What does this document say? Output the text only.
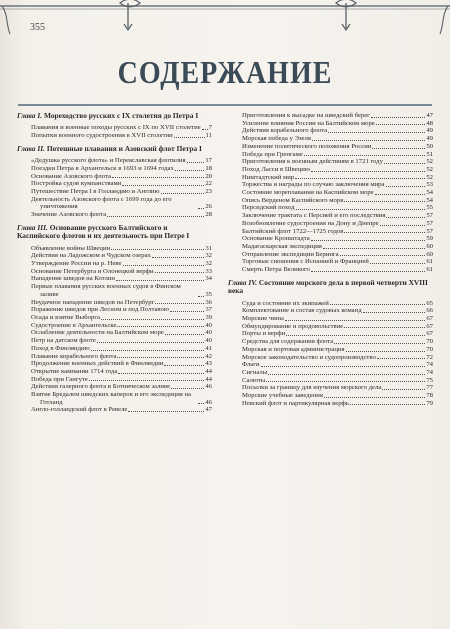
355
СОДЕРЖАНИЕ
Глава I. Мореходство русских с IX столетия до Петра I
Плавания и военные походы русских с IX по XVII столетие 7
Попытки военного судостроения в XVII столетии	11
Глава II. Потешные плавания и Азовский флот Петра I
«Дедушка русского флота» и Переяславская флотилия	17
Поездки Петра в Архангельск в 1693 и 1694 годах	18
Основание Азовского флота	20
Постройка судов кумпанствами	22
Путешествие Петра I в Голландию и Англию	23
Деятельность Азовского флота с 1699 года до его уничтожения	26
Значение Азовского флота	28
Глава III. Основание русского Балтийского и Каспийского флотов и их деятельность при Петре I
Объявление войны Швеции	31
Действия на Ладожском и Чудском озерах	32
Утверждение России на р. Неве	32
Основание Петербурга и Олонецкой верфи	33
Нападение шведов на Котлин	34
Первые плавания русских военных судов в Финском заливе	35
Неудачное нападение шведов на Петербург	36
Поражение шведов при Лесном и под Полтавою	37
Осада и взятие Выборга	39
Судостроение в Архангельске	40
Ослабление деятельности на Балтийском море	40
Петр на датском флоте	40
Поход в Финляндию	41
Плавание корабельного флота	42
Продолжение военных действий в Финляндии	43
Открытие кампании 1714 года	44
Победа при Гангуте	44
Действия галерного флота в Ботническом заливе	46
Взятие Бредалем шведских каперов и его экспедиция на Готланд	46
Англо-голландский флот в Ревеле	47
Приготовления к высадке на шведский берег	47
Усиление влияния России на Балтийском море	48
Действия корабельного флота	49
Морская победа у Эзеля	49
Изменение политического положения России	50
Победа при Гренгаме	51
Приготовления к военным действиям в 1721 году	52
Поход Ласси в Швецию	52
Ништадтский мир	52
Торжества и награды по случаю заключения мира	53
Состояние мореплавания на Каспийском море	54
Опись Верденом Каспийского моря	54
Персидский поход	55
Заключение трактата с Персией и его последствия	57
Возобновление судостроения на Дону и Днепре	57
Балтийский флот 1722—1725 годов	57
Основание Кронштадта	59
Мадагаскарская экспедиция	60
Отправление экспедиции Беринга	60
Торговые сношения с Испанией и Францией	61
Смерть Петра Великого	61
Глава IV. Состояние морского дела в первой четверти XVIII века
Суда и состояние их экипажей	65
Комплектование и состав судовых команд	66
Морские чины	67
Обмундирование и продовольствие	67
Порты и верфи	67
Средства для содержания флота	70
Морская и портовая администрация	70
Морское законодательство и судопроизводство	72
Флаги	74
Сигналы	74
Салюты	75
Посылки за границу для изучения морского дела	77
Морские учебные заведения	78
Невский флот и партикулярная верфь	79
